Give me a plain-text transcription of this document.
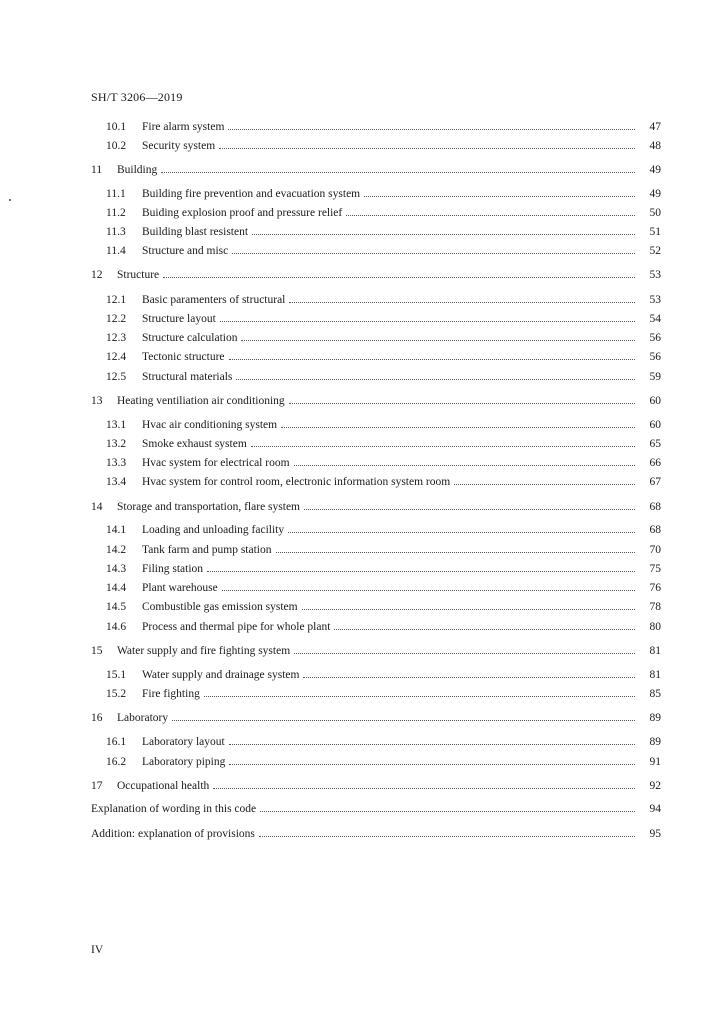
SH/T 3206—2019
10.1	Fire alarm system	47
10.2	Security system	48
11	Building	49
11.1	Building fire prevention and evacuation system	49
11.2	Buiding explosion proof and pressure relief	50
11.3	Building blast resistent	51
11.4	Structure and misc	52
12	Structure	53
12.1	Basic paramenters of structural	53
12.2	Structure layout	54
12.3	Structure calculation	56
12.4	Tectonic structure	56
12.5	Structural materials	59
13	Heating ventiliation air conditioning	60
13.1	Hvac air conditioning system	60
13.2	Smoke exhaust system	65
13.3	Hvac system for electrical room	66
13.4	Hvac system for control room, electronic information system room	67
14	Storage and transportation, flare system	68
14.1	Loading and unloading facility	68
14.2	Tank farm and pump station	70
14.3	Filing station	75
14.4	Plant warehouse	76
14.5	Combustible gas emission system	78
14.6	Process and thermal pipe for whole plant	80
15	Water supply and fire fighting system	81
15.1	Water supply and drainage system	81
15.2	Fire fighting	85
16	Laboratory	89
16.1	Laboratory layout	89
16.2	Laboratory piping	91
17	Occupational health	92
Explanation of wording in this code	94
Addition: explanation of provisions	95
IV
